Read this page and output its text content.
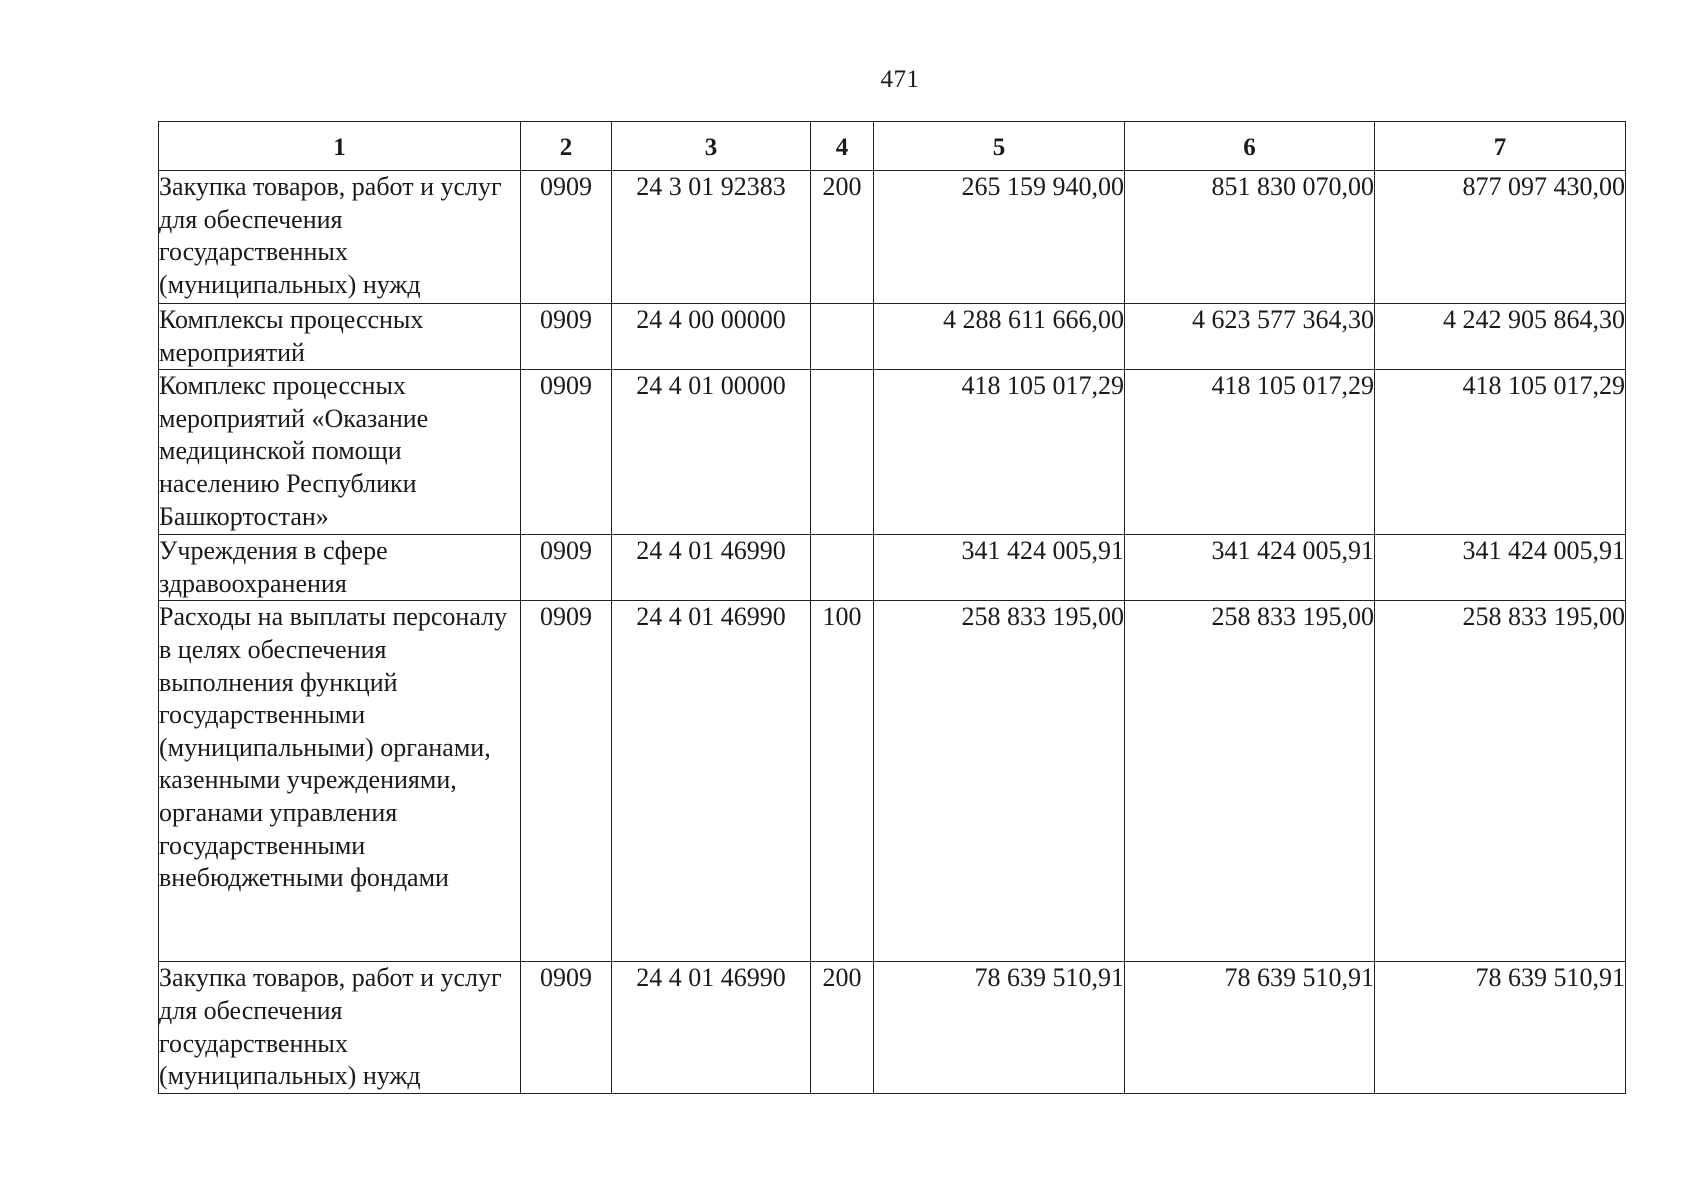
471
1	2	3	4	5	6	7
Закупка товаров, работ и услуг для обеспечения государственных (муниципальных) нужд	0909	24 3 01 92383	200	265 159 940,00	851 830 070,00	877 097 430,00
Комплексы процессных мероприятий	0909	24 4 00 00000		4 288 611 666,00	4 623 577 364,30	4 242 905 864,30
Комплекс процессных мероприятий «Оказание медицинской помощи населению Республики Башкортостан»	0909	24 4 01 00000		418 105 017,29	418 105 017,29	418 105 017,29
Учреждения в сфере здравоохранения	0909	24 4 01 46990		341 424 005,91	341 424 005,91	341 424 005,91
Расходы на выплаты персоналу в целях обеспечения выполнения функций государственными (муниципальными) органами, казенными учреждениями, органами управления государственными внебюджетными фондами	0909	24 4 01 46990	100	258 833 195,00	258 833 195,00	258 833 195,00
Закупка товаров, работ и услуг для обеспечения государственных (муниципальных) нужд	0909	24 4 01 46990	200	78 639 510,91	78 639 510,91	78 639 510,91
